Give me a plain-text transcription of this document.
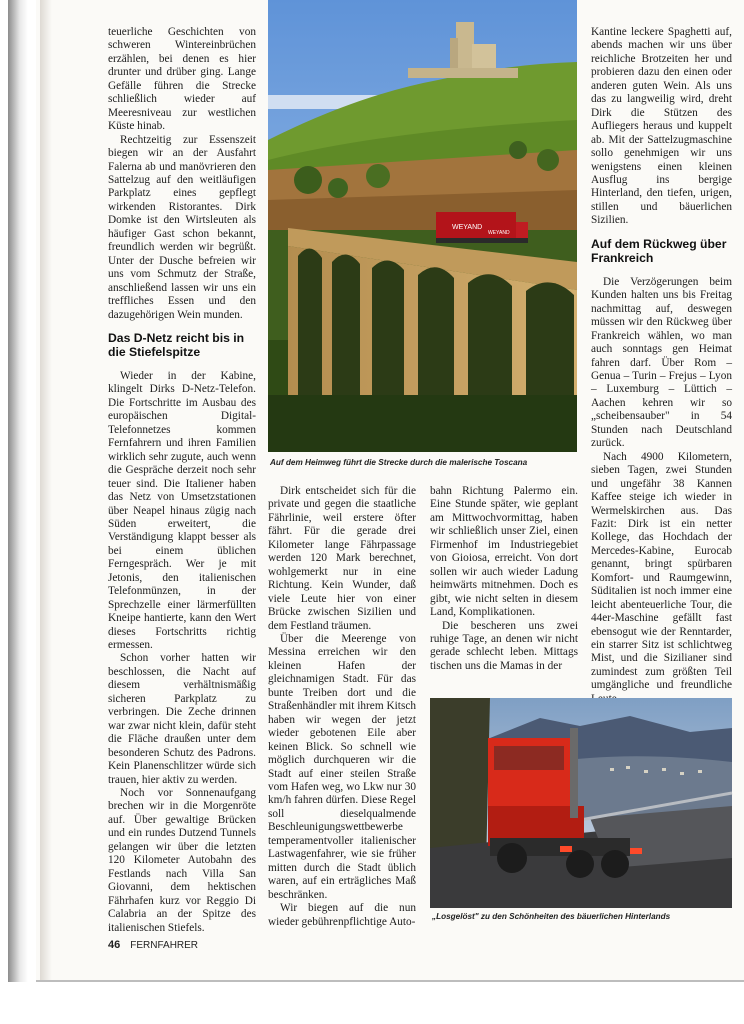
teuerliche Geschichten von schweren Wintereinbrüchen erzählen, bei denen es hier drunter und drüber ging. Lange Gefälle führen die Strecke schließlich wieder auf Meeresniveau zur westlichen Küste hinab.

Rechtzeitig zur Essenszeit biegen wir an der Ausfahrt Falerna ab und manövrieren den Sattelzug auf den weitläufigen Parkplatz eines gepflegt wirkenden Ristorantes. Dirk Domke ist den Wirtsleuten als häufiger Gast schon bekannt, freundlich werden wir begrüßt. Unter der Dusche befreien wir uns vom Schmutz der Straße, anschließend lassen wir uns ein treffliches Essen und den dazugehörigen Wein munden.

Das D-Netz reicht bis in die Stiefelspitze

Wieder in der Kabine, klingelt Dirks D-Netz-Telefon. Die Fortschritte im Ausbau des europäischen Digital-Telefonnetzes kommen Fernfahrern und ihren Familien wirklich sehr zugute, auch wenn die Gespräche derzeit noch sehr teuer sind. Die Italiener haben das Netz von Umsetzstationen über Neapel hinaus zügig nach Süden erweitert, die Verständigung klappt besser als bei einem üblichen Ferngespräch. Wer je mit Jetonis, den italienischen Telefonmünzen, in der Sprechzelle einer lärmerfüllten Kneipe hantierte, kann den Wert dieses Fortschritts richtig ermessen.

Schon vorher hatten wir beschlossen, die Nacht auf diesem verhältnismäßig sicheren Parkplatz zu verbringen. Die Zeche drinnen war zwar nicht klein, dafür steht die Fläche draußen unter dem besonderen Schutz des Padrons. Kein Planenschlitzer würde sich trauen, hier aktiv zu werden.

Noch vor Sonnenaufgang brechen wir in die Morgenröte auf. Über gewaltige Brücken und ein rundes Dutzend Tunnels gelangen wir über die letzten 120 Kilometer Autobahn des Festlands nach Villa San Giovanni, dem hektischen Fährhafen kurz vor Reggio Di Calabria an der Spitze des italienischen Stiefels.

WEYAND
WEYAND
Auf dem Heimweg führt die Strecke durch die malerische Toscana

Dirk entscheidet sich für die private und gegen die staatliche Fährlinie, weil erstere öfter fährt. Für die gerade drei Kilometer lange Fährpassage werden 120 Mark berechnet, wohlgemerkt nur in eine Richtung. Kein Wunder, daß viele Leute hier von einer Brücke zwischen Sizilien und dem Festland träumen.

Über die Meerenge von Messina erreichen wir den kleinen Hafen der gleichnamigen Stadt. Für das bunte Treiben dort und die Straßenhändler mit ihrem Kitsch haben wir wegen der jetzt wieder gebotenen Eile aber keinen Blick. So schnell wie möglich durchqueren wir die Stadt auf einer steilen Straße vom Hafen weg, wo Lkw nur 30 km/h fahren dürfen. Diese Regel soll dieselqualmende Beschleunigungswettbewerbe temperamentvoller italienischer Lastwagenfahrer, wie sie früher mitten durch die Stadt üblich waren, auf ein erträgliches Maß beschränken.

Wir biegen auf die nun wieder gebührenpflichtige Auto-

bahn Richtung Palermo ein. Eine Stunde später, wie geplant am Mittwochvormittag, haben wir schließlich unser Ziel, einen Firmenhof im Industriegebiet von Gioiosa, erreicht. Von dort sollen wir auch wieder Ladung heimwärts mitnehmen. Doch es gibt, wie nicht selten in diesem Land, Komplikationen.

Die bescheren uns zwei ruhige Tage, an denen wir nicht gerade schlecht leben. Mittags tischen uns die Mamas in der

Kantine leckere Spaghetti auf, abends machen wir uns über reichliche Brotzeiten her und probieren dazu den einen oder anderen guten Wein. Als uns das zu langweilig wird, dreht Dirk die Stützen des Aufliegers heraus und kuppelt ab. Mit der Sattelzugmaschine sollo genehmigen wir uns wenigstens einen kleinen Ausflug ins bergige Hinterland, den tiefen, urigen, stillen und bäuerlichen Sizilien.

Auf dem Rückweg über Frankreich

Die Verzögerungen beim Kunden halten uns bis Freitag nachmittag auf, deswegen müssen wir den Rückweg über Frankreich wählen, wo man auch sonntags gen Heimat fahren darf. Über Rom – Genua – Turin – Frejus – Lyon – Luxemburg – Lüttich – Aachen kehren wir so „scheibensauber" in 54 Stunden nach Deutschland zurück.

Nach 4900 Kilometern, sieben Tagen, zwei Stunden und ungefähr 38 Kannen Kaffee steige ich wieder in Wermelskirchen aus. Das Fazit: Dirk ist ein netter Kollege, das Hochdach der Mercedes-Kabine, Eurocab genannt, bringt spürbaren Komfort- und Raumgewinn, Süditalien ist noch immer eine leicht abenteuerliche Tour, die 44er-Maschine gefällt fast ebensogut wie der Renntarder, ein starrer Sitz ist schlichtweg Mist, und die Sizilianer sind zumindest zum größten Teil umgängliche und freundliche

„Losgelöst" zu den Schönheiten des bäuerlichen Hinterlands
46 FERNFAHRER
